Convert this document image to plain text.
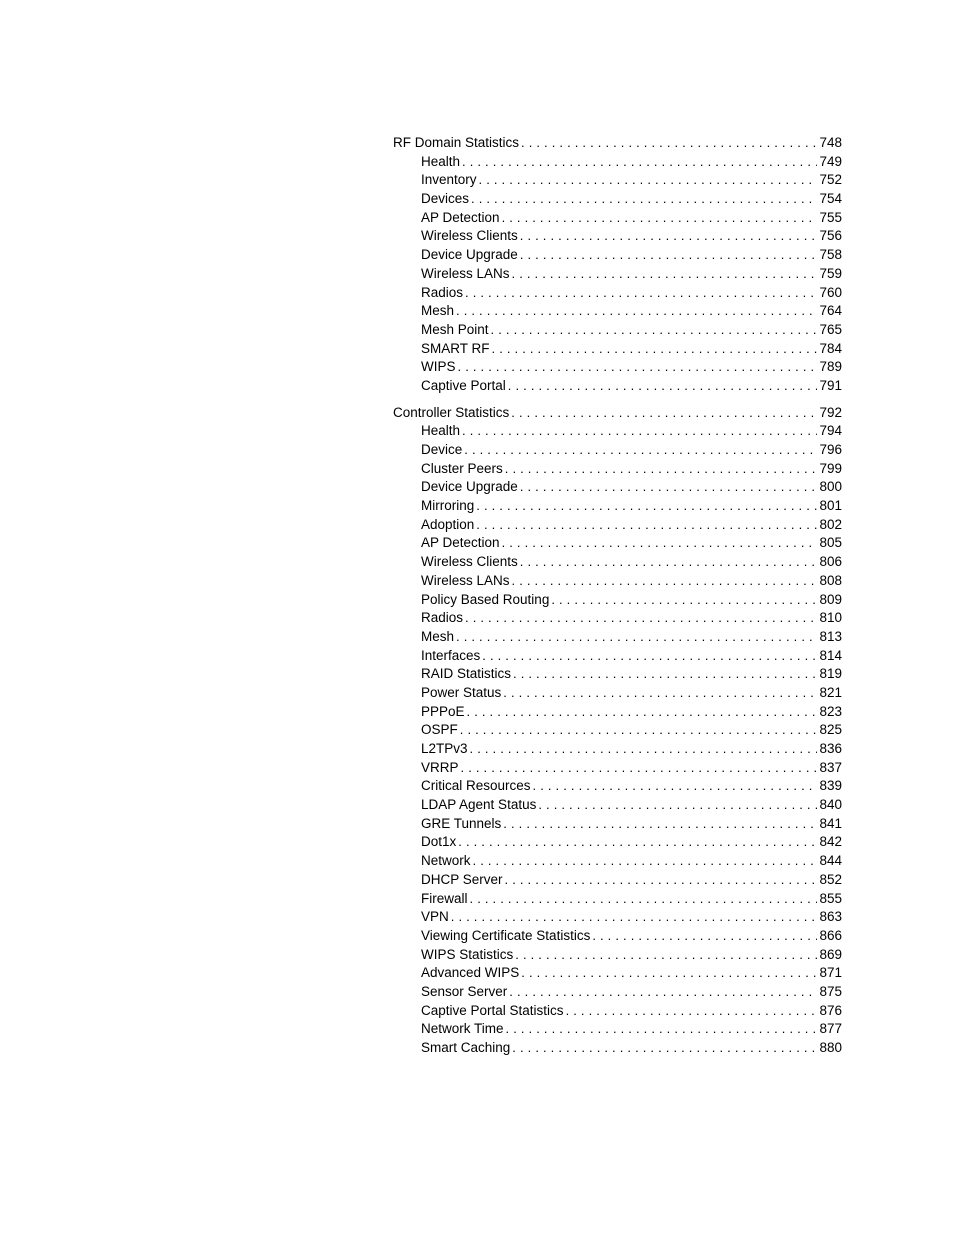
RF Domain Statistics . . .	748
Health . . .	749
Inventory . . .	752
Devices . . .	754
AP Detection . . .	755
Wireless Clients . . .	756
Device Upgrade . . .	758
Wireless LANs . . .	759
Radios . . .	760
Mesh . . .	764
Mesh Point . . .	765
SMART RF . . .	784
WIPS . . .	789
Captive Portal . . .	791
Controller Statistics . . .	792
Health . . .	794
Device . . .	796
Cluster Peers . . .	799
Device Upgrade . . .	800
Mirroring . . .	801
Adoption . . .	802
AP Detection . . .	805
Wireless Clients . . .	806
Wireless LANs . . .	808
Policy Based Routing . . .	809
Radios . . .	810
Mesh . . .	813
Interfaces . . .	814
RAID Statistics . . .	819
Power Status . . .	821
PPPoE . . .	823
OSPF . . .	825
L2TPv3 . . .	836
VRRP . . .	837
Critical Resources . . .	839
LDAP Agent Status . . .	840
GRE Tunnels . . .	841
Dot1x . . .	842
Network . . .	844
DHCP Server . . .	852
Firewall . . .	855
VPN . . .	863
Viewing Certificate Statistics . . .	866
WIPS Statistics . . .	869
Advanced WIPS . . .	871
Sensor Server . . .	875
Captive Portal Statistics . . .	876
Network Time . . .	877
Smart Caching . . .	880
